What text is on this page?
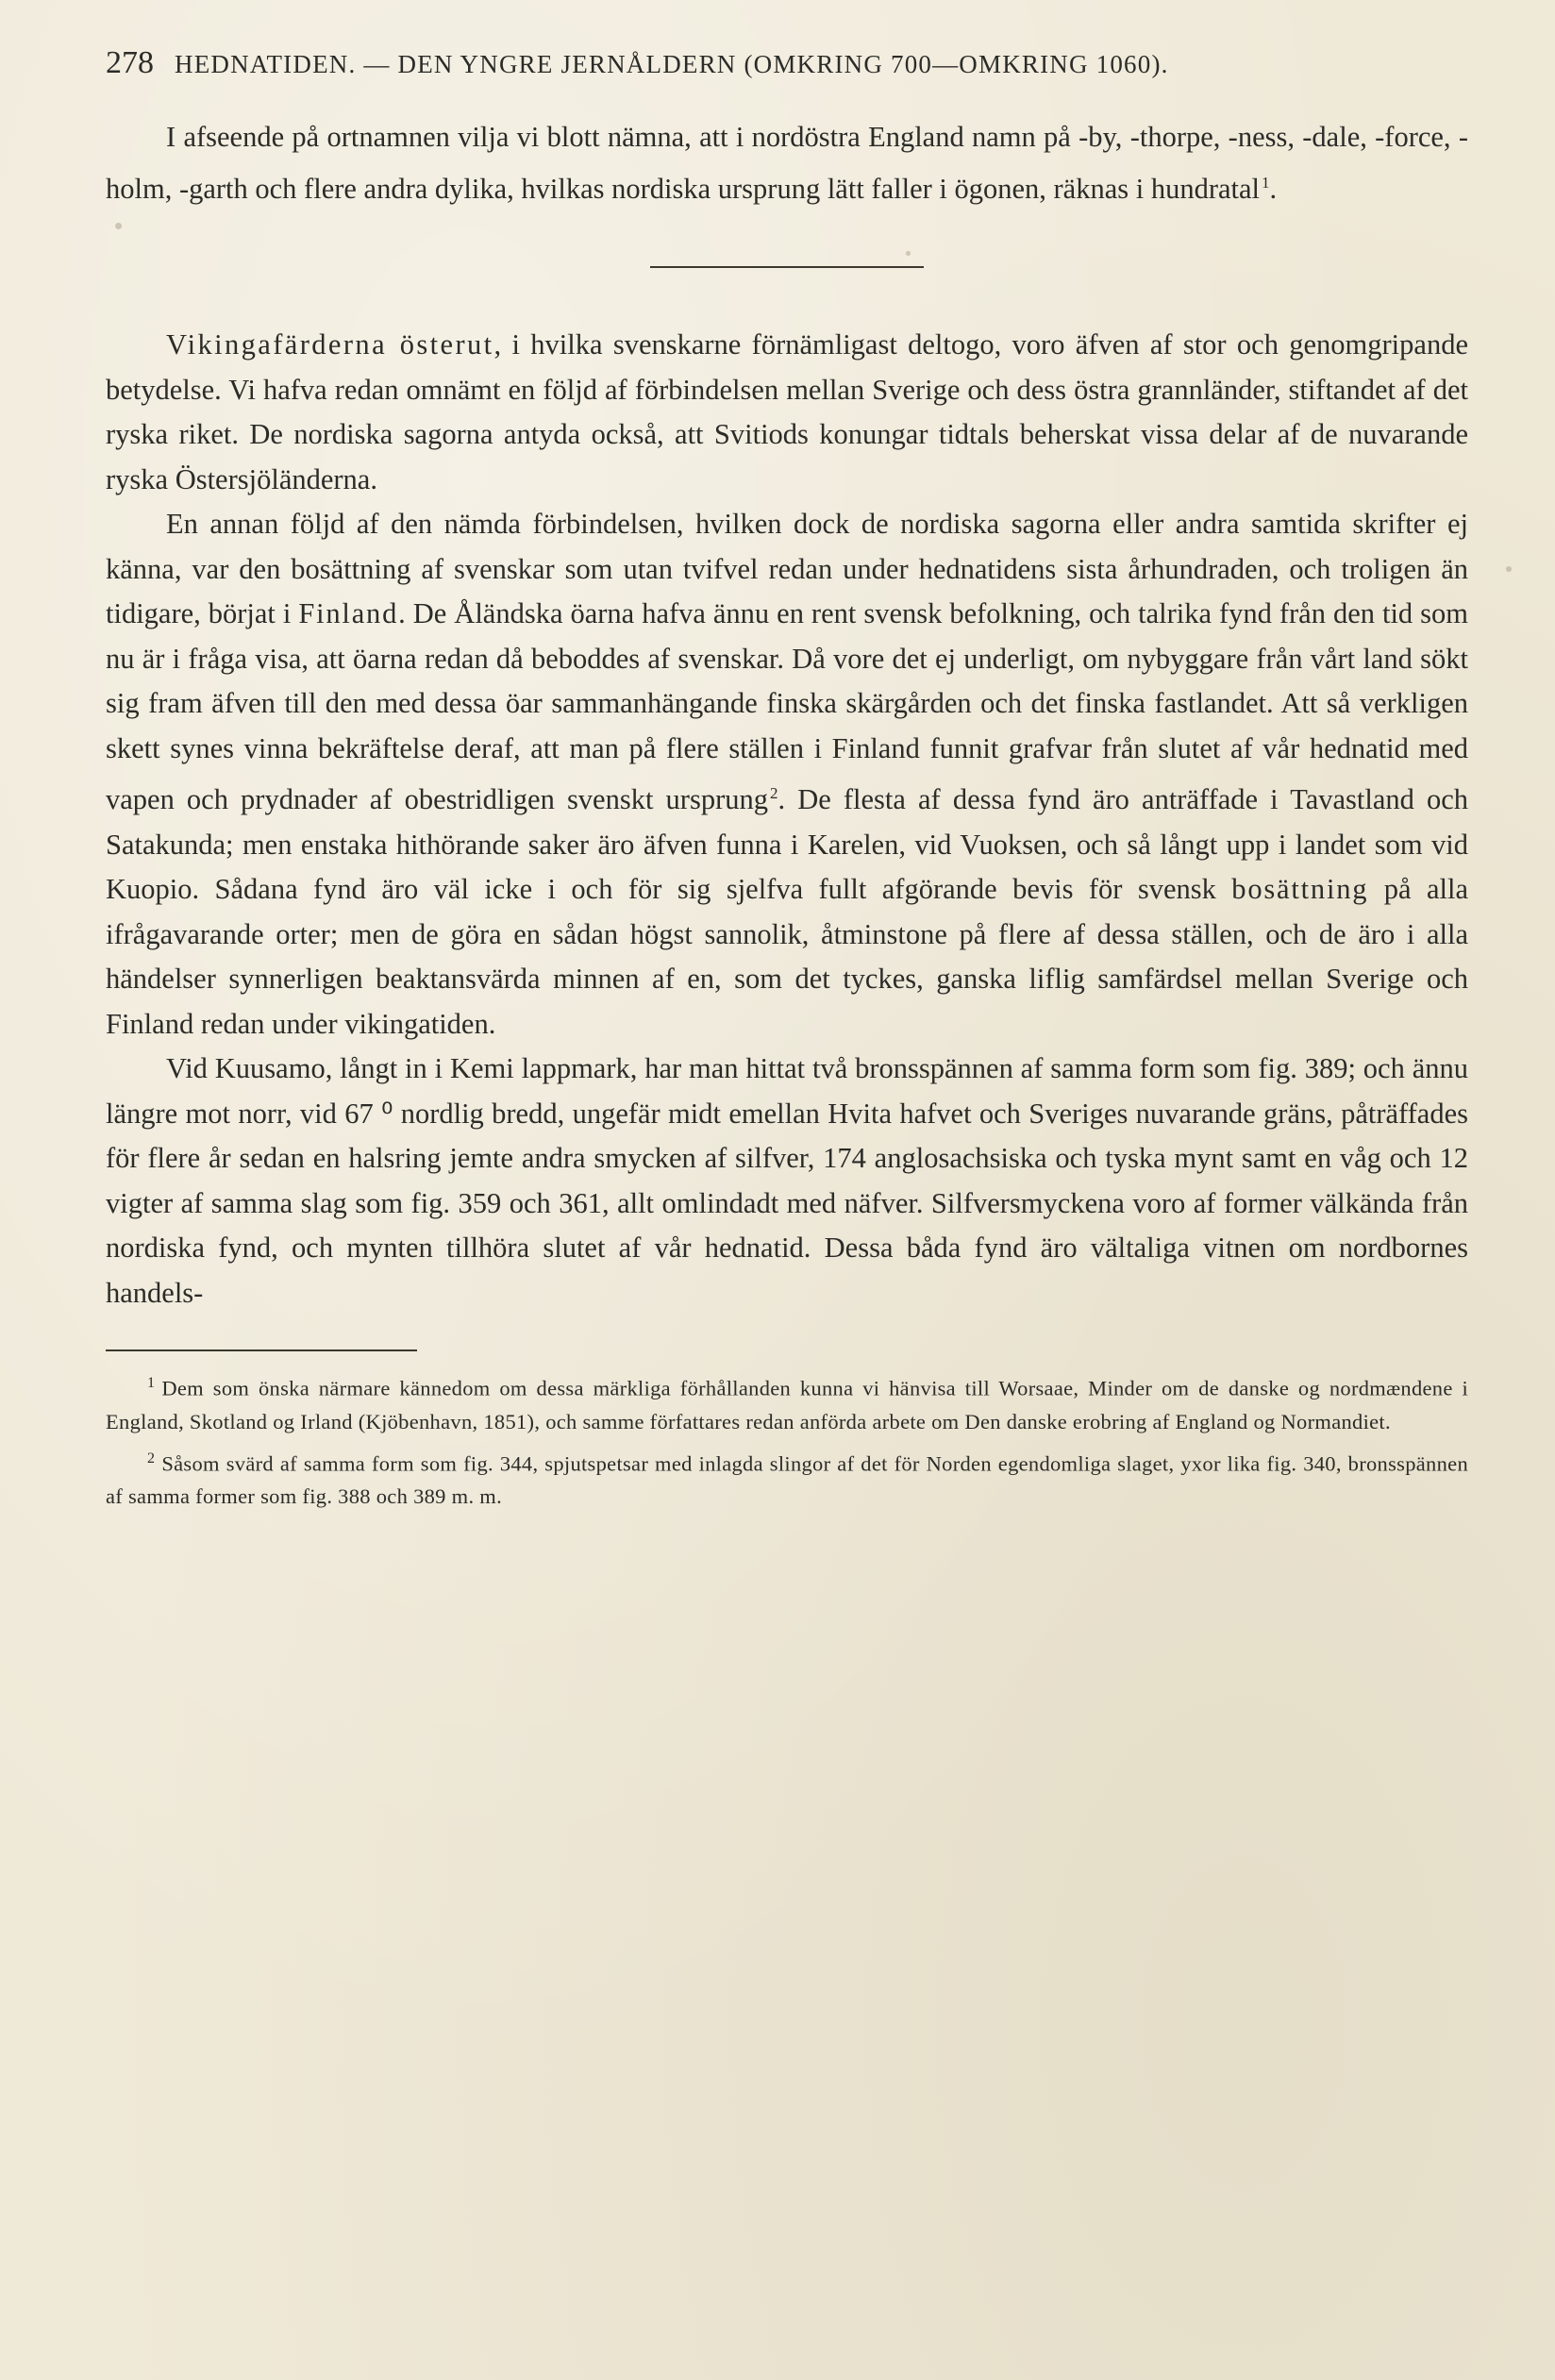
278 HEDNATIDEN. — DEN YNGRE JERNÅLDERN (OMKRING 700—OMKRING 1060).

I afseende på ortnamnen vilja vi blott nämna, att i nordöstra England namn på -by, -thorpe, -ness, -dale, -force, -holm, -garth och flere andra dylika, hvilkas nordiska ursprung lätt faller i ögonen, räknas i hundratal $^1$.

Vikingafärderna österut, i hvilka svenskarne förnämligast deltogo, voro äfven af stor och genomgripande betydelse. Vi hafva redan omnämt en följd af förbindelsen mellan Sverige och dess östra grannländer, stiftandet af det ryska riket. De nordiska sagorna antyda också, att Svitiods konungar tidtals beherskat vissa delar af de nuvarande ryska Östersjöländerna.

En annan följd af den nämda förbindelsen, hvilken dock de nordiska sagorna eller andra samtida skrifter ej känna, var den bosättning af svenskar som utan tvifvel redan under hednatidens sista århundraden, och troligen än tidigare, börjat i Finland. De Åländska öarna hafva ännu en rent svensk befolkning, och talrika fynd från den tid som nu är i fråga visa, att öarna redan då beboddes af svenskar. Då vore det ej underligt, om nybyggare från vårt land sökt sig fram äfven till den med dessa öar sammanhängande finska skärgården och det finska fastlandet. Att så verkligen skett synes vinna bekräftelse deraf, att man på flere ställen i Finland funnit grafvar från slutet af vår hednatid med vapen och prydnader af obestridligen svenskt ursprung $^2$. De flesta af dessa fynd äro anträffade i Tavastland och Satakunda; men enstaka hithörande saker äro äfven funna i Karelen, vid Vuoksen, och så långt upp i landet som vid Kuopio. Sådana fynd äro väl icke i och för sig sjelfva fullt afgörande bevis för svensk bosättning på alla ifrågavarande orter; men de göra en sådan högst sannolik, åtminstone på flere af dessa ställen, och de äro i alla händelser synnerligen beaktansvärda minnen af en, som det tyckes, ganska liflig samfärdsel mellan Sverige och Finland redan under vikingatiden.

Vid Kuusamo, långt in i Kemi lappmark, har man hittat två bronsspännen af samma form som fig. 389; och ännu längre mot norr, vid 67 ⁰ nordlig bredd, ungefär midt emellan Hvita hafvet och Sveriges nuvarande gräns, påträffades för flere år sedan en halsring jemte andra smycken af silfver, 174 anglosachsiska och tyska mynt samt en våg och 12 vigter af samma slag som fig. 359 och 361, allt omlindadt med näfver. Silfversmyckena voro af former välkända från nordiska fynd, och mynten tillhöra slutet af vår hednatid. Dessa båda fynd äro vältaliga vitnen om nordbornes handels-

$^1$ Dem som önska närmare kännedom om dessa märkliga förhållanden kunna vi hänvisa till Worsaae, Minder om de danske og nordmændene i England, Skotland og Irland (Kjöbenhavn, 1851), och samme författares redan anförda arbete om Den danske erobring af England og Normandiet.

$^2$ Såsom svärd af samma form som fig. 344, spjutspetsar med inlagda slingor af det för Norden egendomliga slaget, yxor lika fig. 340, bronsspännen af samma former som fig. 388 och 389 m. m.
